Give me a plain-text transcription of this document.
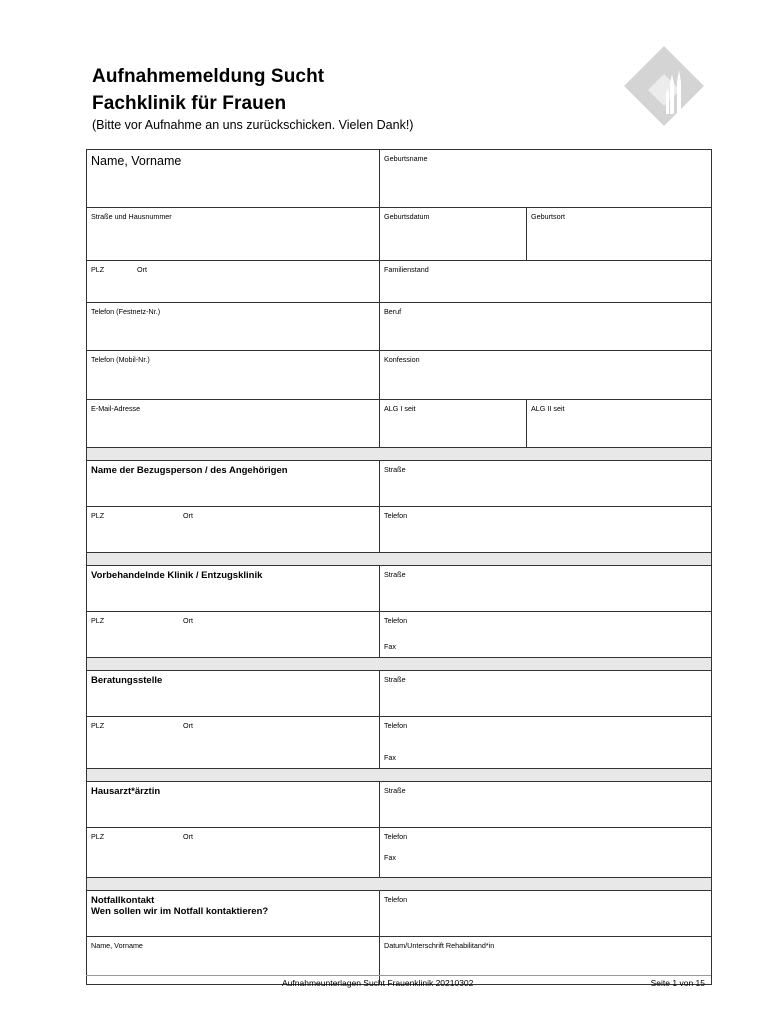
Aufnahmemeldung Sucht
Fachklinik für Frauen
(Bitte vor Aufnahme an uns zurückschicken. Vielen Dank!)
Name, Vorname	Geburtsname	

Straße und Hausnummer	Geburtsdatum	Geburtsort

PLZ Ort	Familienstand	

Telefon (Festnetz-Nr.)	Beruf	

Telefon (Mobil-Nr.)	Konfession	

E-Mail-Adresse	ALG I seit	ALG II seit

Name der Bezugsperson / des Angehörigen	Straße	

PLZ Ort	Telefon	

Vorbehandelnde Klinik / Entzugsklinik	Straße	

PLZ Ort	Telefon
Fax	

Beratungsstelle	Straße	

PLZ Ort	Telefon
Fax	

Hausarzt*ärztin	Straße	

PLZ Ort	Telefon
Fax	

Notfallkontakt
Wen sollen wir im Notfall kontaktieren?	Telefon	

Name, Vorname	Datum/Unterschrift Rehabilitand*in	
Aufnahmeunterlagen Sucht Frauenklinik 20210302	Seite 1 von 15
